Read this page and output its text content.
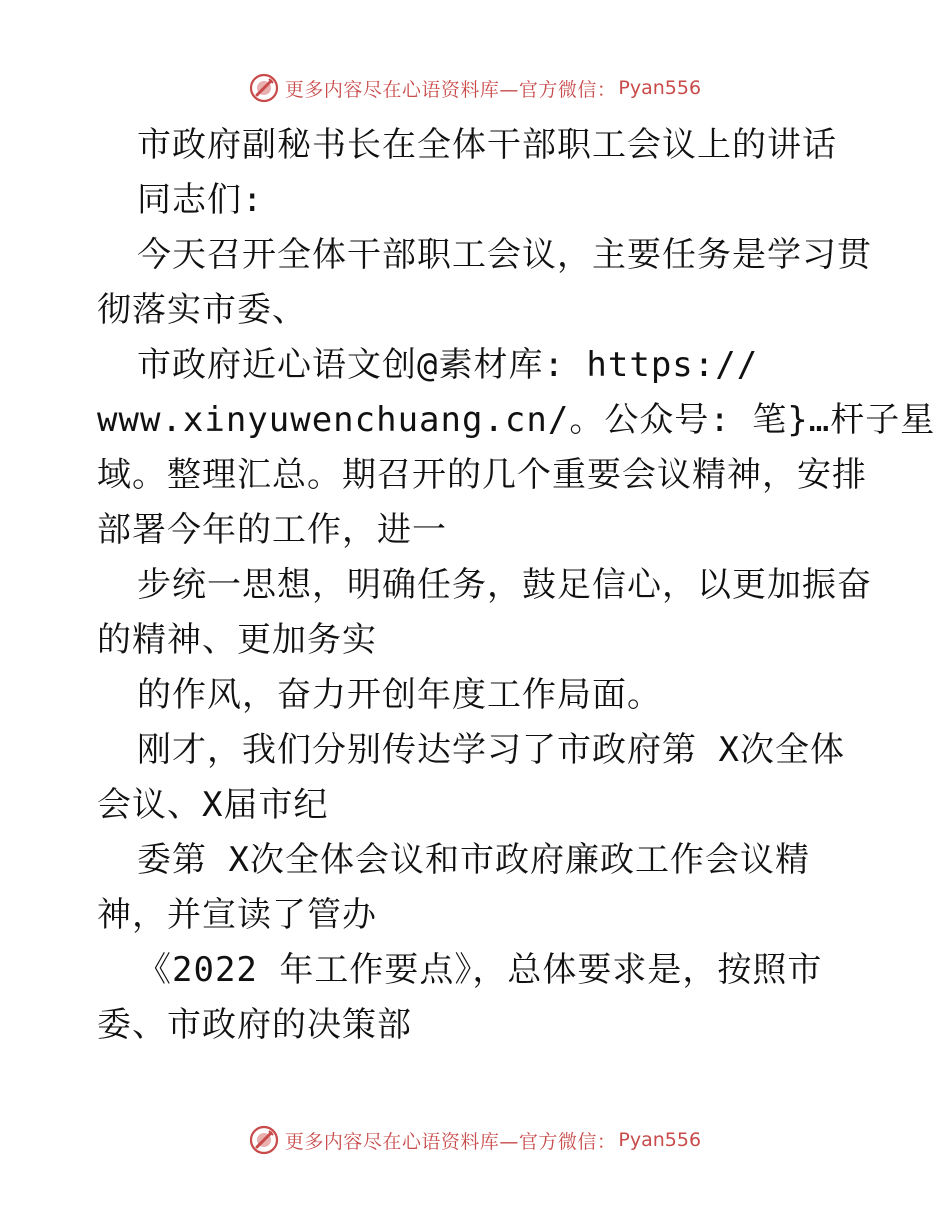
更多内容尽在心语资料库—官方微信： Pyan556
市政府副秘书长在全体干部职工会议上的讲话
同志们:
今天召开全体干部职工会议，主要任务是学习贯
彻落实市委、
市政府近心语文创@素材库: https://
www.xinyuwenchuang.cn/。公众号: 笔}…杆子星
域。整理汇总。期召开的几个重要会议精神，安排
部署今年的工作，进一
步统一思想，明确任务，鼓足信心，以更加振奋
的精神、更加务实
的作风，奋力开创年度工作局面。
刚才，我们分别传达学习了市政府第 X次全体
会议、X届市纪
委第 X次全体会议和市政府廉政工作会议精
神，并宣读了管办
《2022 年工作要点》，总体要求是，按照市
委、市政府的决策部
更多内容尽在心语资料库—官方微信： Pyan556
